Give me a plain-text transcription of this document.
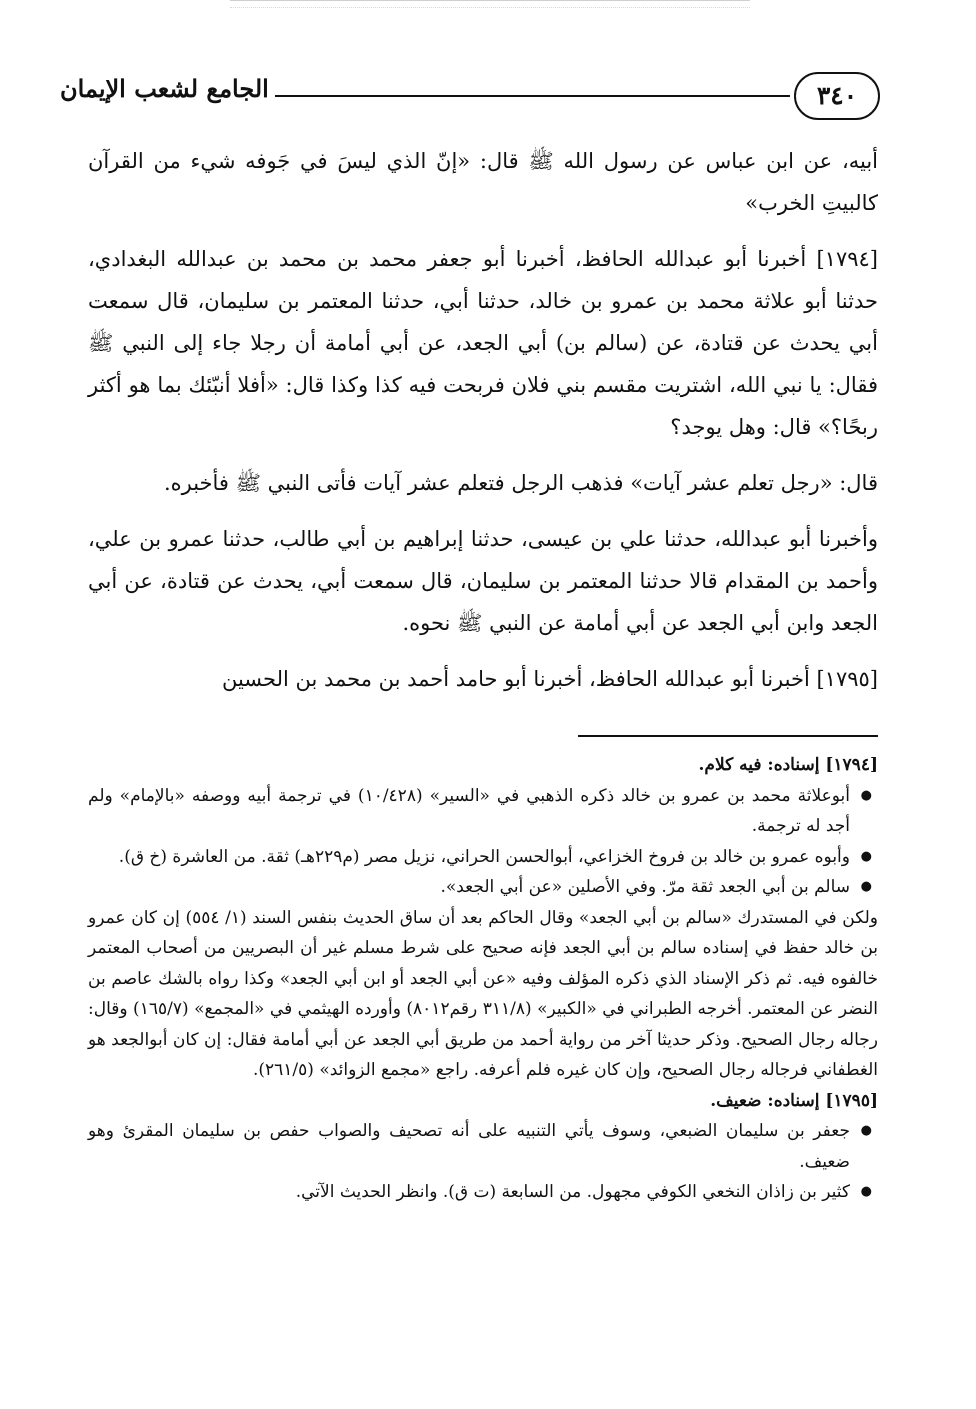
٣٤٠
الجامع لشعب الإيمان

أبيه، عن ابن عباس عن رسول الله ﷺ قال: «إنّ الذي ليسَ في جَوفه شيء من القرآن كالبيتِ الخرب»

[١٧٩٤] أخبرنا أبو عبدالله الحافظ، أخبرنا أبو جعفر محمد بن محمد بن عبدالله البغدادي، حدثنا أبو علاثة محمد بن عمرو بن خالد، حدثنا أبي، حدثنا المعتمر بن سليمان، قال سمعت أبي يحدث عن قتادة، عن (سالم بن) أبي الجعد، عن أبي أمامة أن رجلا جاء إلى النبي ﷺ فقال: يا نبي الله، اشتريت مقسم بني فلان فربحت فيه كذا وكذا قال: «أفلا أنبّئك بما هو أكثر ربحًا؟» قال: وهل يوجد؟

قال: «رجل تعلم عشر آيات» فذهب الرجل فتعلم عشر آيات فأتى النبي ﷺ فأخبره.

وأخبرنا أبو عبدالله، حدثنا علي بن عيسى، حدثنا إبراهيم بن أبي طالب، حدثنا عمرو بن علي، وأحمد بن المقدام قالا حدثنا المعتمر بن سليمان، قال سمعت أبي، يحدث عن قتادة، عن أبي الجعد وابن أبي الجعد عن أبي أمامة عن النبي ﷺ نحوه.

[١٧٩٥] أخبرنا أبو عبدالله الحافظ، أخبرنا أبو حامد أحمد بن محمد بن الحسين

[١٧٩٤] إسناده: فيه كلام.

● أبوعلاثة محمد بن عمرو بن خالد ذكره الذهبي في «السير» (١٠/٤٢٨) في ترجمة أبيه ووصفه «بالإمام» ولم أجد له ترجمة.

● وأبوه عمرو بن خالد بن فروخ الخزاعي، أبوالحسن الحراني، نزيل مصر (م٢٢٩هـ) ثقة. من العاشرة (خ ق).

● سالم بن أبي الجعد ثقة مرّ. وفي الأصلين «عن أبي الجعد».

ولكن في المستدرك «سالم بن أبي الجعد» وقال الحاكم بعد أن ساق الحديث بنفس السند (١/ ٥٥٤) إن كان عمرو بن خالد حفظ في إسناده سالم بن أبي الجعد فإنه صحيح على شرط مسلم غير أن البصريين من أصحاب المعتمر خالفوه فيه. ثم ذكر الإسناد الذي ذكره المؤلف وفيه «عن أبي الجعد أو ابن أبي الجعد» وكذا رواه بالشك عاصم بن النضر عن المعتمر. أخرجه الطبراني في «الكبير» (٣١١/٨ رقم٨٠١٢) وأورده الهيثمي في «المجمع» (١٦٥/٧) وقال: رجاله رجال الصحيح. وذكر حديثا آخر من رواية أحمد من طريق أبي الجعد عن أبي أمامة فقال: إن كان أبوالجعد هو الغطفاني فرجاله رجال الصحيح، وإن كان غيره فلم أعرفه. راجع «مجمع الزوائد» (٢٦١/٥).

[١٧٩٥] إسناده: ضعيف.

● جعفر بن سليمان الضبعي، وسوف يأتي التنبيه على أنه تصحيف والصواب حفص بن سليمان المقرئ وهو ضعيف.

● كثير بن زاذان النخعي الكوفي مجهول. من السابعة (ت ق). وانظر الحديث الآتي.
